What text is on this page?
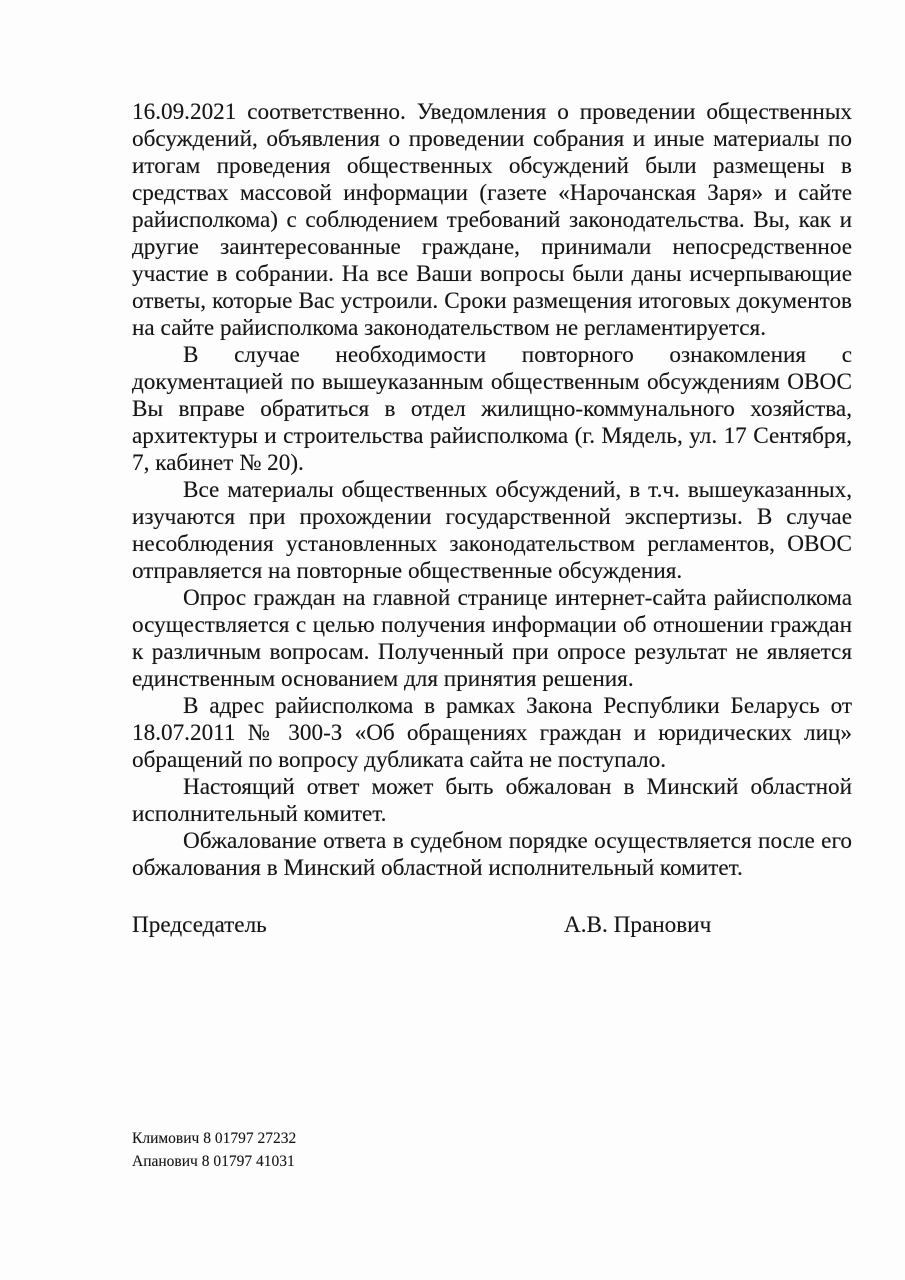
16.09.2021 соответственно. Уведомления о проведении общественных обсуждений, объявления о проведении собрания и иные материалы по итогам проведения общественных обсуждений были размещены в средствах массовой информации (газете «Нарочанская Заря» и сайте райисполкома) с соблюдением требований законодательства. Вы, как и другие заинтересованные граждане, принимали непосредственное участие в собрании. На все Ваши вопросы были даны исчерпывающие ответы, которые Вас устроили. Сроки размещения итоговых документов на сайте райисполкома законодательством не регламентируется.

В случае необходимости повторного ознакомления с документацией по вышеуказанным общественным обсуждениям ОВОС Вы вправе обратиться в отдел жилищно-коммунального хозяйства, архитектуры и строительства райисполкома (г. Мядель, ул. 17 Сентября, 7, кабинет № 20).

Все материалы общественных обсуждений, в т.ч. вышеуказанных, изучаются при прохождении государственной экспертизы. В случае несоблюдения установленных законодательством регламентов, ОВОС отправляется на повторные общественные обсуждения.

Опрос граждан на главной странице интернет-сайта райисполкома осуществляется с целью получения информации об отношении граждан к различным вопросам. Полученный при опросе результат не является единственным основанием для принятия решения.

В адрес райисполкома в рамках Закона Республики Беларусь от 18.07.2011 № 300-З «Об обращениях граждан и юридических лиц» обращений по вопросу дубликата сайта не поступало.

Настоящий ответ может быть обжалован в Минский областной исполнительный комитет.

Обжалование ответа в судебном порядке осуществляется после его обжалования в Минский областной исполнительный комитет.

Председатель	А.В. Пранович
Климович 8 01797 27232
Апанович 8 01797 41031
